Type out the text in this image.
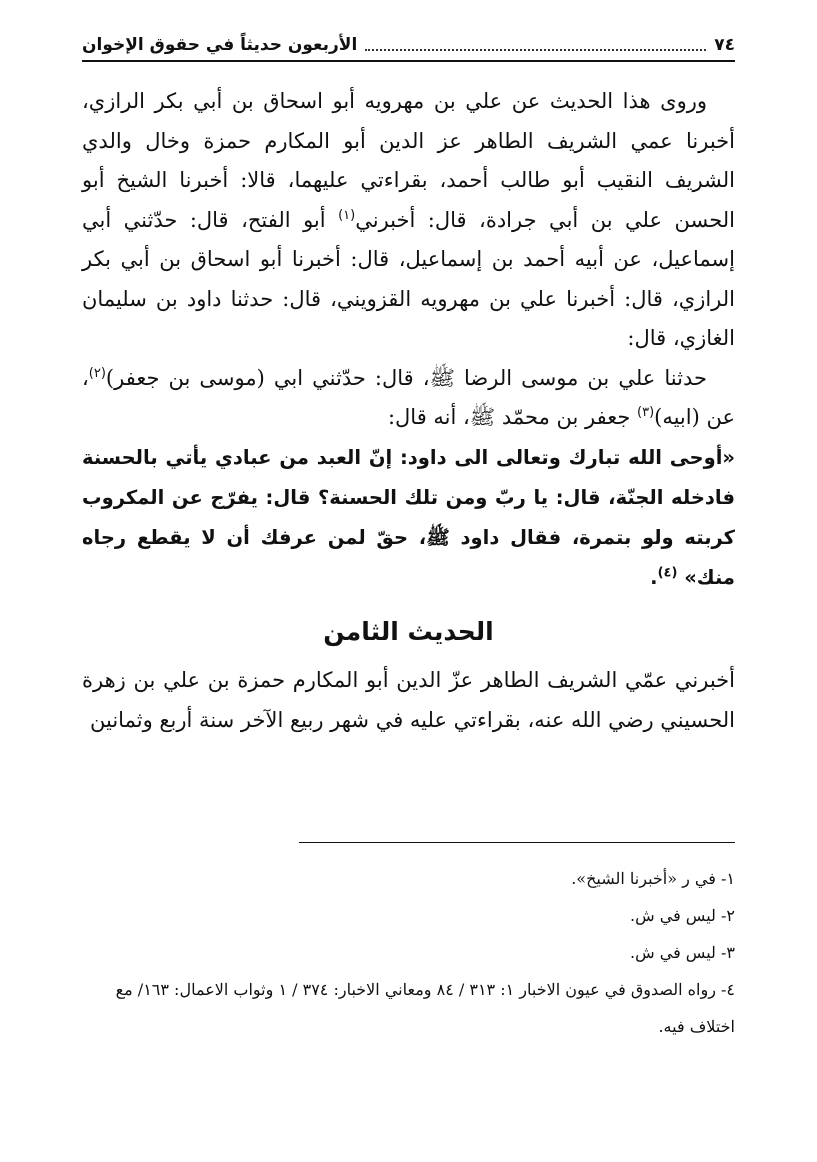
٧٤
الأربعون حديثاً في حقوق الإخوان

وروى هذا الحديث عن علي بن مهرويه أبو اسحاق بن أبي بكر الرازي، أخبرنا عمي الشريف الطاهر عز الدين أبو المكارم حمزة وخال والدي الشريف النقيب أبو طالب أحمد، بقراءتي عليهما، قالا: أخبرنا الشيخ أبو الحسن علي بن أبي جرادة، قال: أخبرني$^{(١)}$ أبو الفتح، قال: حدّثني أبي إسماعيل، عن أبيه أحمد بن إسماعيل، قال: أخبرنا أبو اسحاق بن أبي بكر الرازي، قال: أخبرنا علي بن مهرويه القزويني، قال: حدثنا داود بن سليمان الغازي، قال:

حدثنا علي بن موسى الرضا ﷺ، قال: حدّثني ابي (موسى بن جعفر)$^{(٢)}$، عن (ابيه)$^{(٣)}$ جعفر بن محمّد ﷺ، أنه قال:

«أوحى الله تبارك وتعالى الى داود: إنّ العبد من عبادي يأتي بالحسنة فادخله الجنّة، قال: يا ربّ ومن تلك الحسنة؟ قال: يفرّج عن المكروب كربته ولو بتمرة، فقال داود ﷺ، حقّ لمن عرفك أن لا يقطع رجاه منك» $^{(٤)}$.

الحديث الثامن

أخبرني عمّي الشريف الطاهر عزّ الدين أبو المكارم حمزة بن علي بن زهرة الحسيني رضي الله عنه، بقراءتي عليه في شهر ربيع الآخر سنة أربع وثمانين

١- في ر «أخبرنا الشيخ».

٢- ليس في ش.

٣- ليس في ش.

٤- رواه الصدوق في عيون الاخبار ١: ٣١٣ / ٨٤ ومعاني الاخبار: ٣٧٤ / ١ وثواب الاعمال: ١٦٣/ مع اختلاف فيه.
